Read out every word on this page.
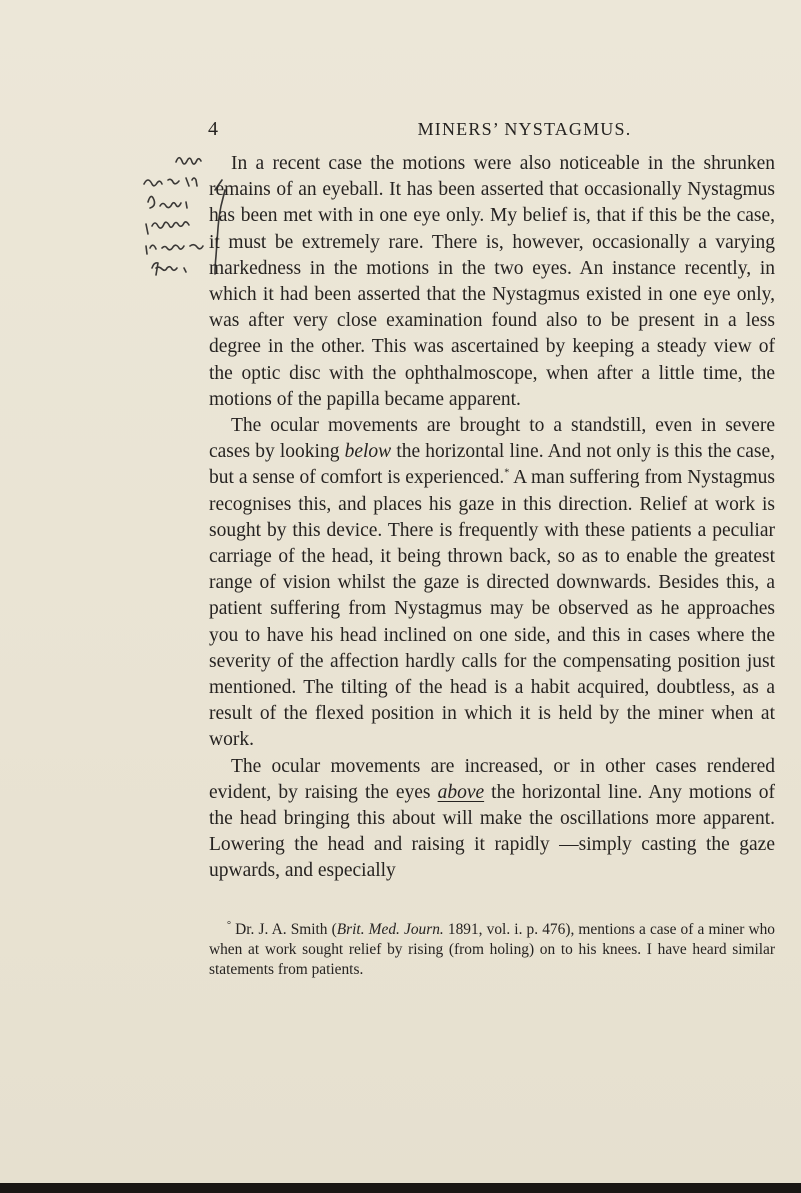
4	MINERS’ NYSTAGMUS.

In a recent case the motions were also noticeable in the shrunken remains of an eyeball. It has been asserted that occasionally Nystagmus has been met with in one eye only. My belief is, that if this be the case, it must be extremely rare. There is, however, occasionally a varying markedness in the motions in the two eyes. An instance recently, in which it had been asserted that the Nystagmus existed in one eye only, was after very close examination found also to be present in a less degree in the other. This was ascertained by keeping a steady view of the optic disc with the ophthalmoscope, when after a little time, the motions of the papilla became apparent.

The ocular movements are brought to a standstill, even in severe cases by looking below the horizontal line. And not only is this the case, but a sense of comfort is experienced.* A man suffering from Nystagmus recognises this, and places his gaze in this direction. Relief at work is sought by this device. There is frequently with these patients a peculiar carriage of the head, it being thrown back, so as to enable the greatest range of vision whilst the gaze is directed downwards. Besides this, a patient suffering from Nystagmus may be observed as he approaches you to have his head inclined on one side, and this in cases where the severity of the affection hardly calls for the compensating position just mentioned. The tilting of the head is a habit acquired, doubtless, as a result of the flexed position in which it is held by the miner when at work.

The ocular movements are increased, or in other cases rendered evident, by raising the eyes above the horizontal line. Any motions of the head bringing this about will make the oscillations more apparent. Lowering the head and raising it rapidly —simply casting the gaze upwards, and especially

° Dr. J. A. Smith (Brit. Med. Journ. 1891, vol. i. p. 476), mentions a case of a miner who when at work sought relief by rising (from holing) on to his knees. I have heard similar statements from patients.
